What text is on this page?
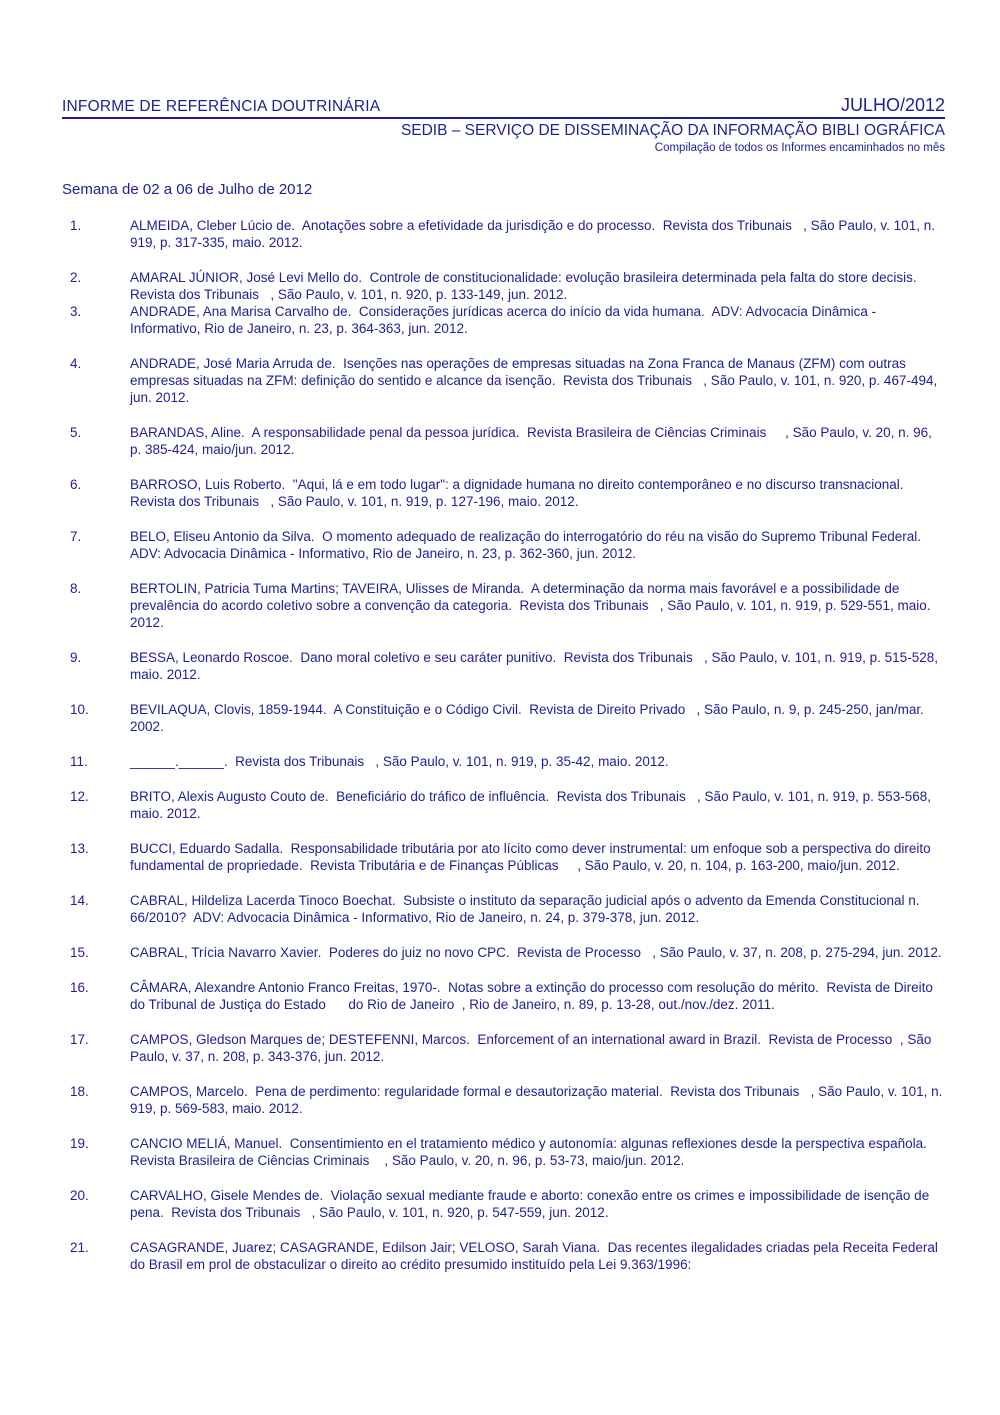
INFORME DE REFERÊNCIA DOUTRINÁRIA	JULHO/2012
SEDIB – SERVIÇO DE DISSEMINAÇÃO DA INFORMAÇÃO BIBLI OGRÁFICA
Compilação de todos os Informes encaminhados no mês
Semana de 02 a 06 de Julho de 2012
1.	ALMEIDA, Cleber Lúcio de.  Anotações sobre a efetividade da jurisdição e do processo.  Revista dos Tribunais   , São Paulo, v. 101, n. 919, p. 317-335, maio. 2012.
2.	AMARAL JÚNIOR, José Levi Mello do.  Controle de constitucionalidade: evolução brasileira determinada pela falta do store decisis.  Revista dos Tribunais   , São Paulo, v. 101, n. 920, p. 133-149, jun. 2012.
3.	ANDRADE, Ana Marisa Carvalho de.  Considerações jurídicas acerca do início da vida humana.  ADV: Advocacia Dinâmica - Informativo, Rio de Janeiro, n. 23, p. 364-363, jun. 2012.
4.	ANDRADE, José Maria Arruda de.  Isenções nas operações de empresas situadas na Zona Franca de Manaus (ZFM) com outras empresas situadas na ZFM: definição do sentido e alcance da isenção.  Revista dos Tribunais   , São Paulo, v. 101, n. 920, p. 467-494, jun. 2012.
5.	BARANDAS, Aline.  A responsabilidade penal da pessoa jurídica.  Revista Brasileira de Ciências Criminais     , São Paulo, v. 20, n. 96, p. 385-424, maio/jun. 2012.
6.	BARROSO, Luis Roberto.  "Aqui, lá e em todo lugar": a dignidade humana no direito contemporâneo e no discurso transnacional.  Revista dos Tribunais   , São Paulo, v. 101, n. 919, p. 127-196, maio. 2012.
7.	BELO, Eliseu Antonio da Silva.  O momento adequado de realização do interrogatório do réu na visão do Supremo Tribunal Federal.  ADV: Advocacia Dinâmica - Informativo, Rio de Janeiro, n. 23, p. 362-360, jun. 2012.
8.	BERTOLIN, Patricia Tuma Martins; TAVEIRA, Ulisses de Miranda.  A determinação da norma mais favorável e a possibilidade de prevalência do acordo coletivo sobre a convenção da categoria.  Revista dos Tribunais   , São Paulo, v. 101, n. 919, p. 529-551, maio. 2012.
9.	BESSA, Leonardo Roscoe.  Dano moral coletivo e seu caráter punitivo.  Revista dos Tribunais   , São Paulo, v. 101, n. 919, p. 515-528, maio. 2012.
10.	BEVILAQUA, Clovis, 1859-1944.  A Constituição e o Código Civil.  Revista de Direito Privado   , São Paulo, n. 9, p. 245-250, jan/mar. 2002.
11.	______.______.  Revista dos Tribunais   , São Paulo, v. 101, n. 919, p. 35-42, maio. 2012.
12.	BRITO, Alexis Augusto Couto de.  Beneficiário do tráfico de influência.  Revista dos Tribunais   , São Paulo, v. 101, n. 919, p. 553-568, maio. 2012.
13.	BUCCI, Eduardo Sadalla.  Responsabilidade tributária por ato lícito como dever instrumental: um enfoque sob a perspectiva do direito fundamental de propriedade.  Revista Tributária e de Finanças Públicas     , São Paulo, v. 20, n. 104, p. 163-200, maio/jun. 2012.
14.	CABRAL, Hildeliza Lacerda Tinoco Boechat.  Subsiste o instituto da separação judicial após o advento da Emenda Constitucional n. 66/2010?  ADV: Advocacia Dinâmica - Informativo, Rio de Janeiro, n. 24, p. 379-378, jun. 2012.
15.	CABRAL, Trícia Navarro Xavier.  Poderes do juiz no novo CPC.  Revista de Processo   , São Paulo, v. 37, n. 208, p. 275-294, jun. 2012.
16.	CÂMARA, Alexandre Antonio Franco Freitas, 1970-.  Notas sobre a extinção do processo com resolução do mérito.  Revista de Direito do Tribunal de Justiça do Estado      do Rio de Janeiro  , Rio de Janeiro, n. 89, p. 13-28, out./nov./dez. 2011.
17.	CAMPOS, Gledson Marques de; DESTEFENNI, Marcos.  Enforcement of an international award in Brazil.  Revista de Processo  , São Paulo, v. 37, n. 208, p. 343-376, jun. 2012.
18.	CAMPOS, Marcelo.  Pena de perdimento: regularidade formal e desautorização material.  Revista dos Tribunais   , São Paulo, v. 101, n. 919, p. 569-583, maio. 2012.
19.	CANCIO MELIÁ, Manuel.  Consentimiento en el tratamiento médico y autonomía: algunas reflexiones desde la perspectiva española.  Revista Brasileira de Ciências Criminais    , São Paulo, v. 20, n. 96, p. 53-73, maio/jun. 2012.
20.	CARVALHO, Gisele Mendes de.  Violação sexual mediante fraude e aborto: conexão entre os crimes e impossibilidade de isenção de pena.  Revista dos Tribunais   , São Paulo, v. 101, n. 920, p. 547-559, jun. 2012.
21.	CASAGRANDE, Juarez; CASAGRANDE, Edilson Jair; VELOSO, Sarah Viana.  Das recentes ilegalidades criadas pela Receita Federal do Brasil em prol de obstaculizar o direito ao crédito presumido instituído pela Lei 9.363/1996:
